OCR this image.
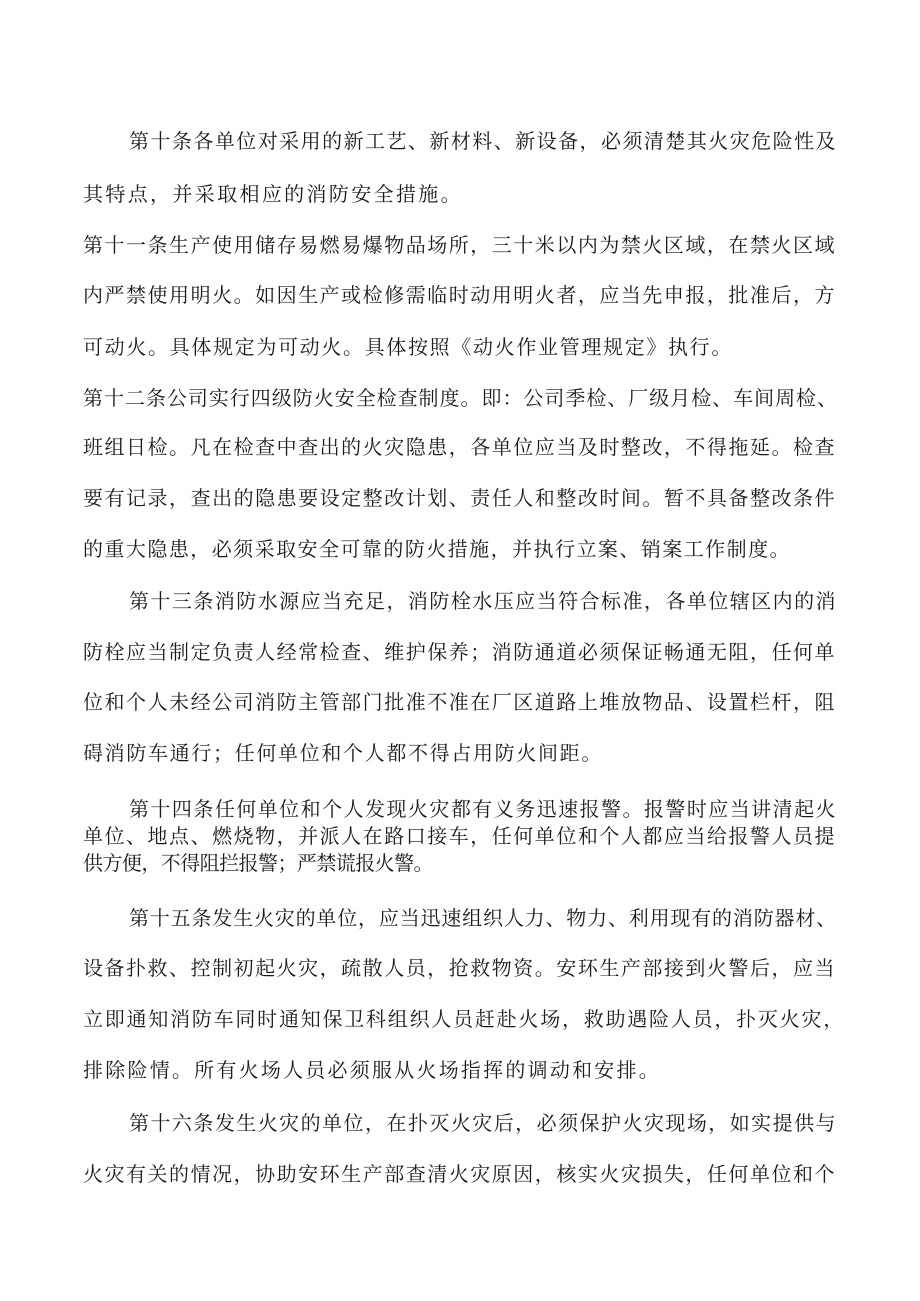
第十条各单位对采用的新工艺、新材料、新设备，必须清楚其火灾危险性及

其特点，并采取相应的消防安全措施。

第十一条生产使用储存易燃易爆物品场所，三十米以内为禁火区域，在禁火区域

内严禁使用明火。如因生产或检修需临时动用明火者，应当先申报，批准后，方

可动火。具体规定为可动火。具体按照《动火作业管理规定》执行。

第十二条公司实行四级防火安全检查制度。即：公司季检、厂级月检、车间周检、

班组日检。凡在检查中查出的火灾隐患，各单位应当及时整改，不得拖延。检查

要有记录，查出的隐患要设定整改计划、责任人和整改时间。暂不具备整改条件

的重大隐患，必须采取安全可靠的防火措施，并执行立案、销案工作制度。

第十三条消防水源应当充足，消防栓水压应当符合标准，各单位辖区内的消

防栓应当制定负责人经常检查、维护保养；消防通道必须保证畅通无阻，任何单

位和个人未经公司消防主管部门批准不准在厂区道路上堆放物品、设置栏杆，阻

碍消防车通行；任何单位和个人都不得占用防火间距。

第十四条任何单位和个人发现火灾都有义务迅速报警。报警时应当讲清起火

单位、地点、燃烧物，并派人在路口接车，任何单位和个人都应当给报警人员提

供方便，不得阻拦报警；严禁谎报火警。

第十五条发生火灾的单位，应当迅速组织人力、物力、利用现有的消防器材、

设备扑救、控制初起火灾，疏散人员，抢救物资。安环生产部接到火警后，应当

立即通知消防车同时通知保卫科组织人员赶赴火场，救助遇险人员，扑灭火灾，

排除险情。所有火场人员必须服从火场指挥的调动和安排。

第十六条发生火灾的单位，在扑灭火灾后，必须保护火灾现场，如实提供与

火灾有关的情况，协助安环生产部查清火灾原因，核实火灾损失，任何单位和个
